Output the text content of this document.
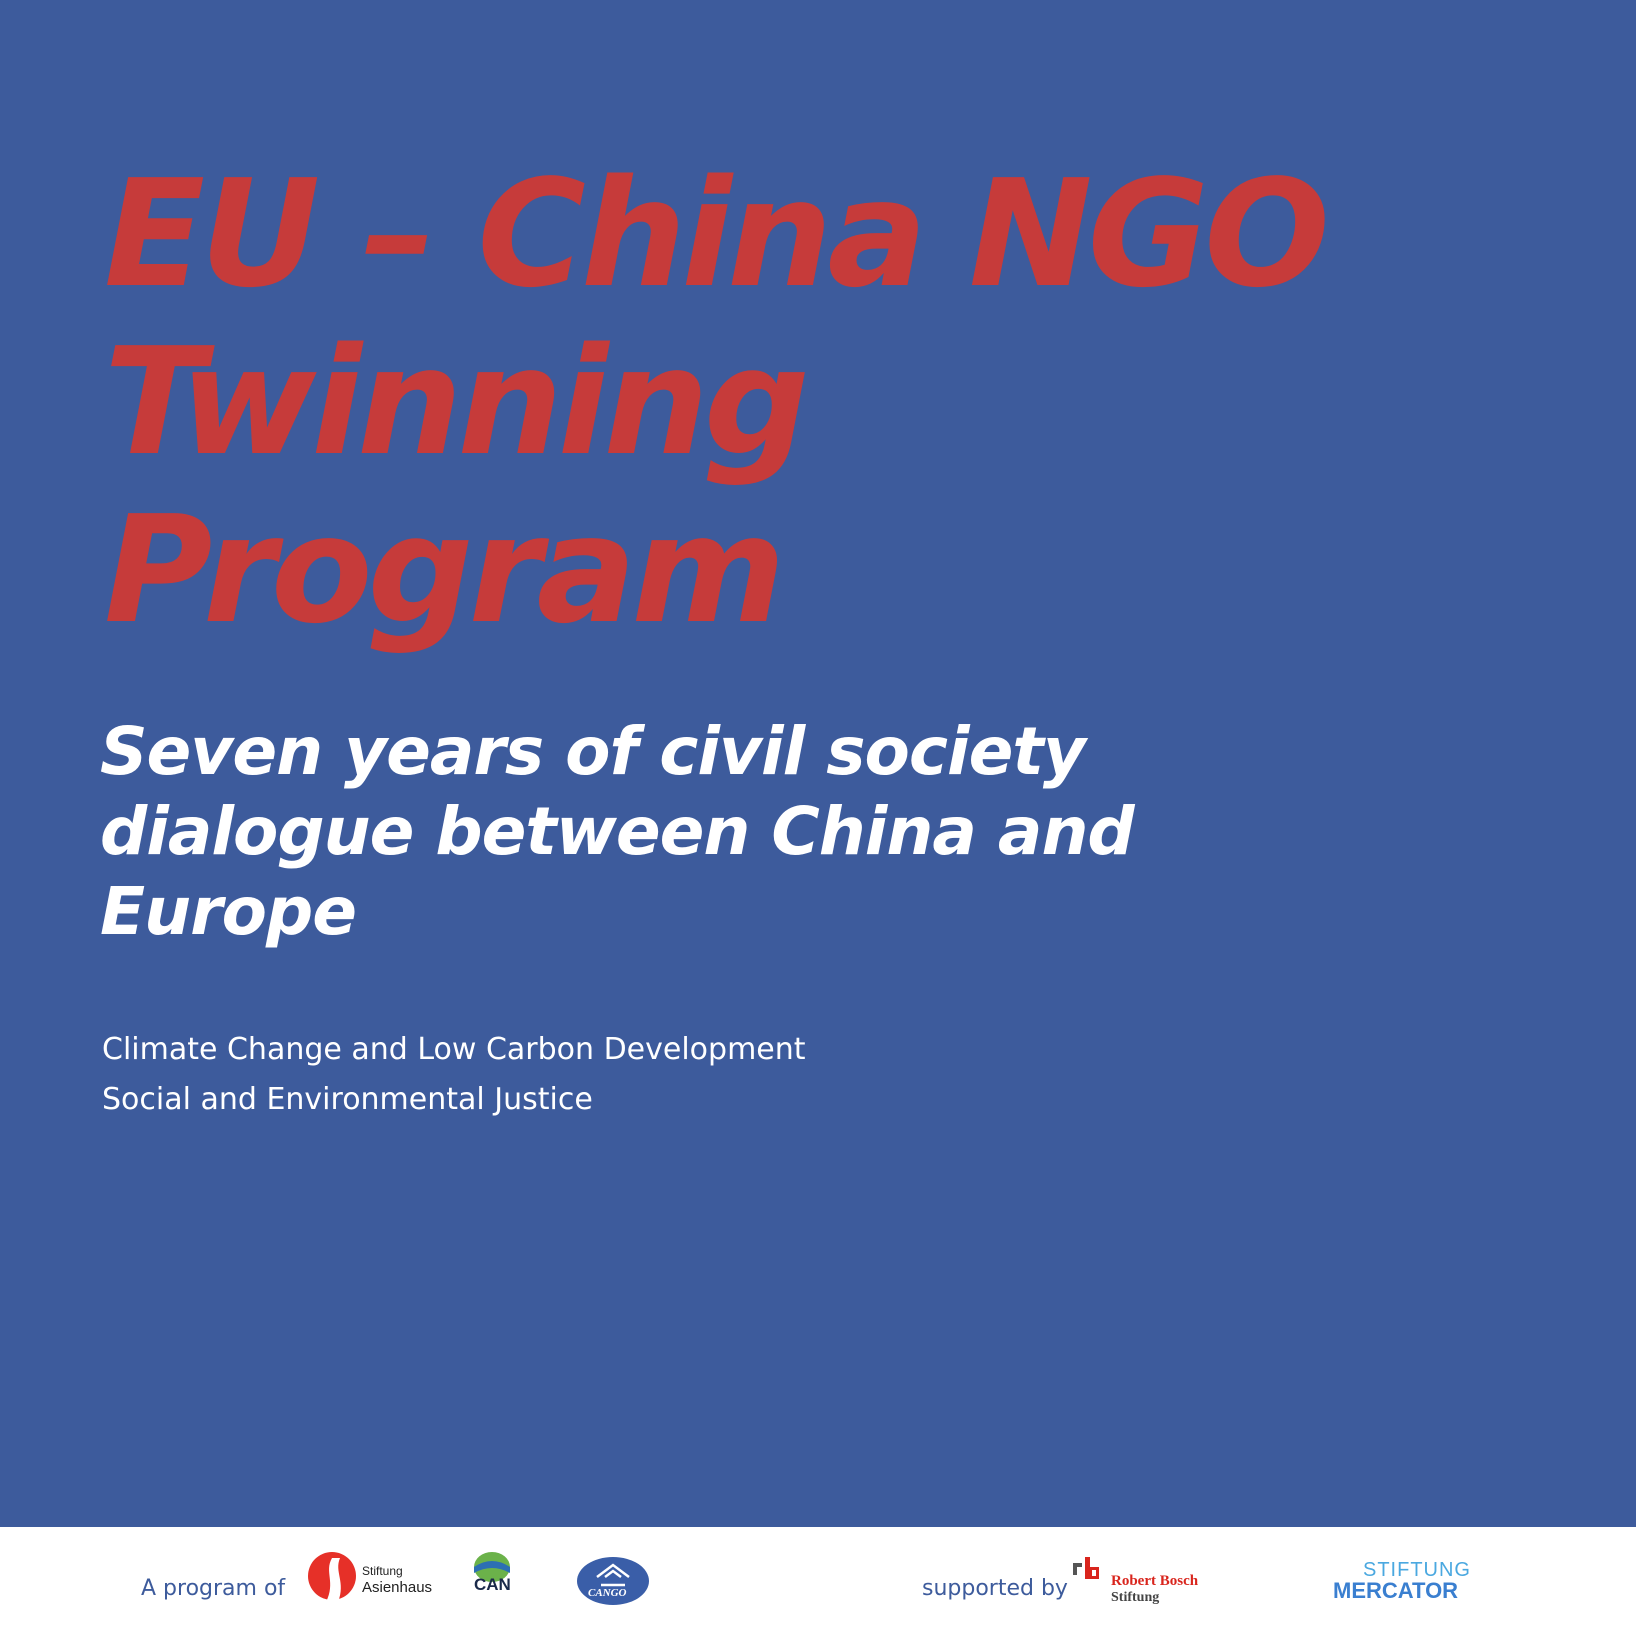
EU – China NGO
Twinning
Program
Seven years of civil society
dialogue between China and
Europe
Climate Change and Low Carbon Development
Social and Environmental Justice
A program of
Stiftung
Asienhaus CAN	CANGO	supported by	Robert Bosch
Stiftung
STIFTUNG
MERCATOR
